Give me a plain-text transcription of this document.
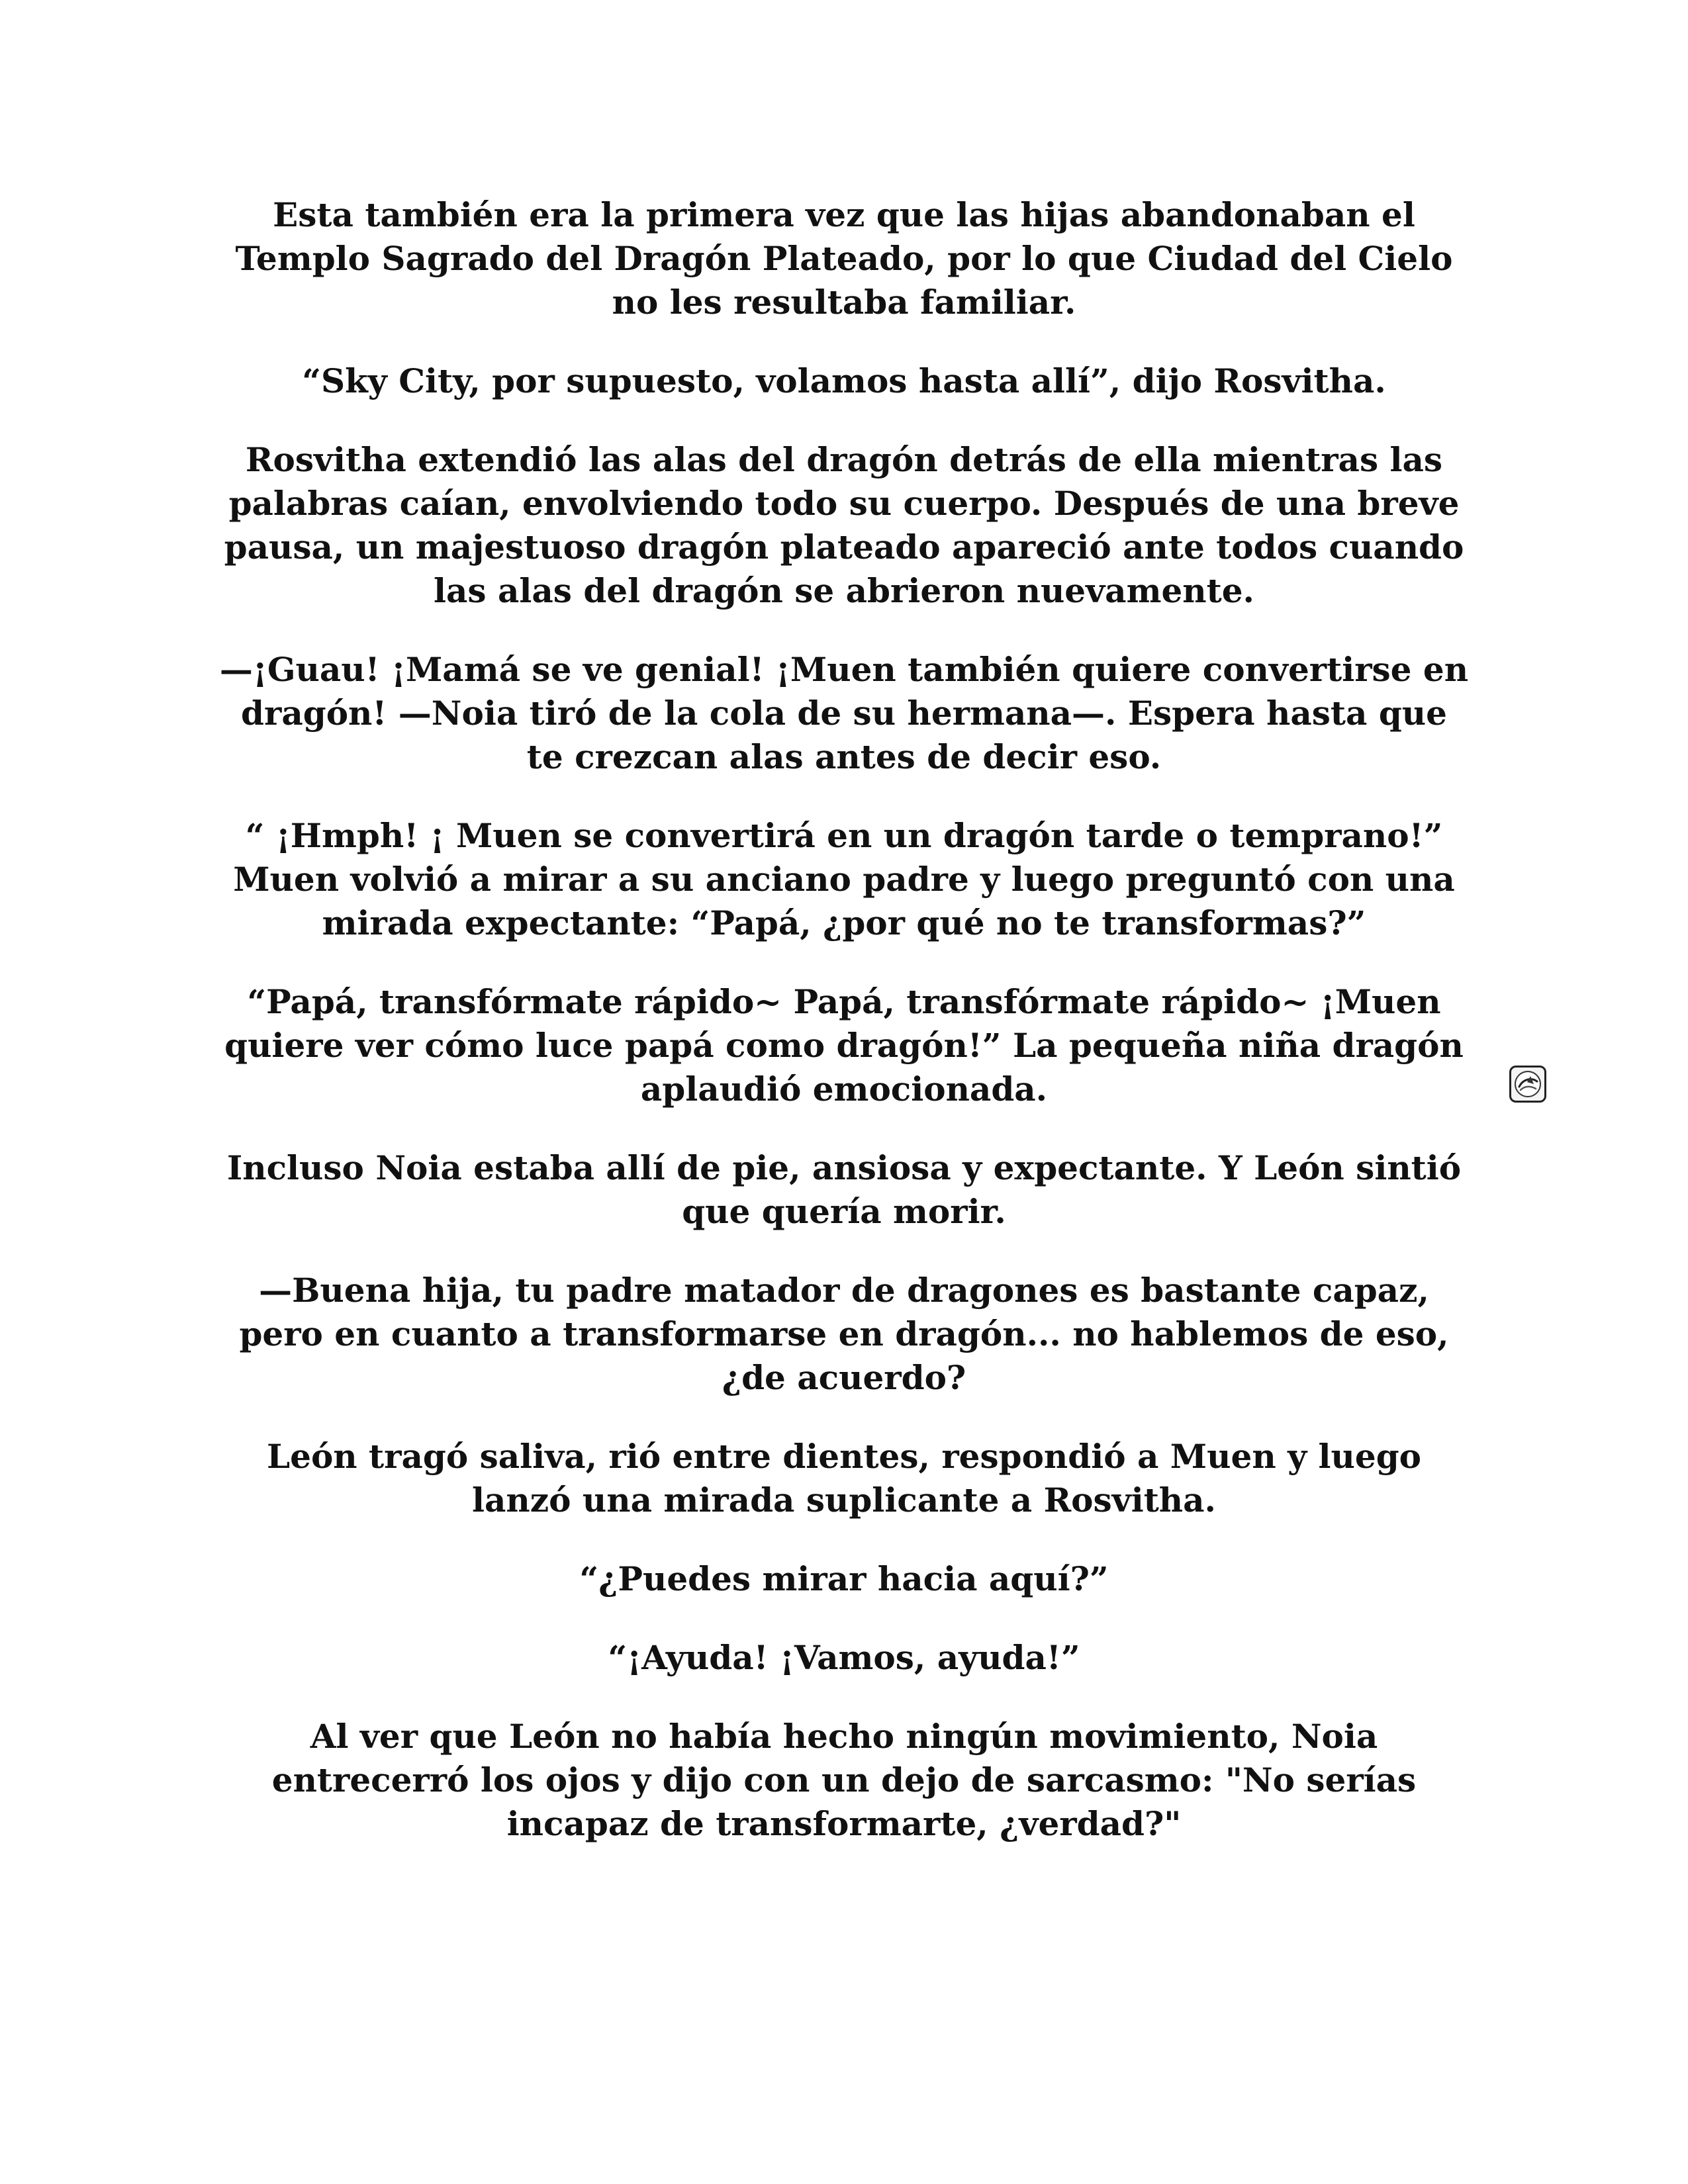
Esta también era la primera vez que las hijas abandonaban el Templo Sagrado del Dragón Plateado, por lo que Ciudad del Cielo no les resultaba familiar.

“Sky City, por supuesto, volamos hasta allí”, dijo Rosvitha.

Rosvitha extendió las alas del dragón detrás de ella mientras las palabras caían, envolviendo todo su cuerpo. Después de una breve pausa, un majestuoso dragón plateado apareció ante todos cuando las alas del dragón se abrieron nuevamente.

—¡Guau! ¡Mamá se ve genial! ¡Muen también quiere convertirse en dragón! —Noia tiró de la cola de su hermana—. Espera hasta que te crezcan alas antes de decir eso.

“ ¡Hmph! ¡ Muen se convertirá en un dragón tarde o temprano!” Muen volvió a mirar a su anciano padre y luego preguntó con una mirada expectante: “Papá, ¿por qué no te transformas?”

“Papá, transfórmate rápido~ Papá, transfórmate rápido~ ¡Muen quiere ver cómo luce papá como dragón!” La pequeña niña dragón aplaudió emocionada.

Incluso Noia estaba allí de pie, ansiosa y expectante. Y León sintió que quería morir.

—Buena hija, tu padre matador de dragones es bastante capaz, pero en cuanto a transformarse en dragón... no hablemos de eso, ¿de acuerdo?

León tragó saliva, rió entre dientes, respondió a Muen y luego lanzó una mirada suplicante a Rosvitha.

“¿Puedes mirar hacia aquí?”

“¡Ayuda! ¡Vamos, ayuda!”

Al ver que León no había hecho ningún movimiento, Noia entrecerró los ojos y dijo con un dejo de sarcasmo: "No serías incapaz de transformarte, ¿verdad?"
